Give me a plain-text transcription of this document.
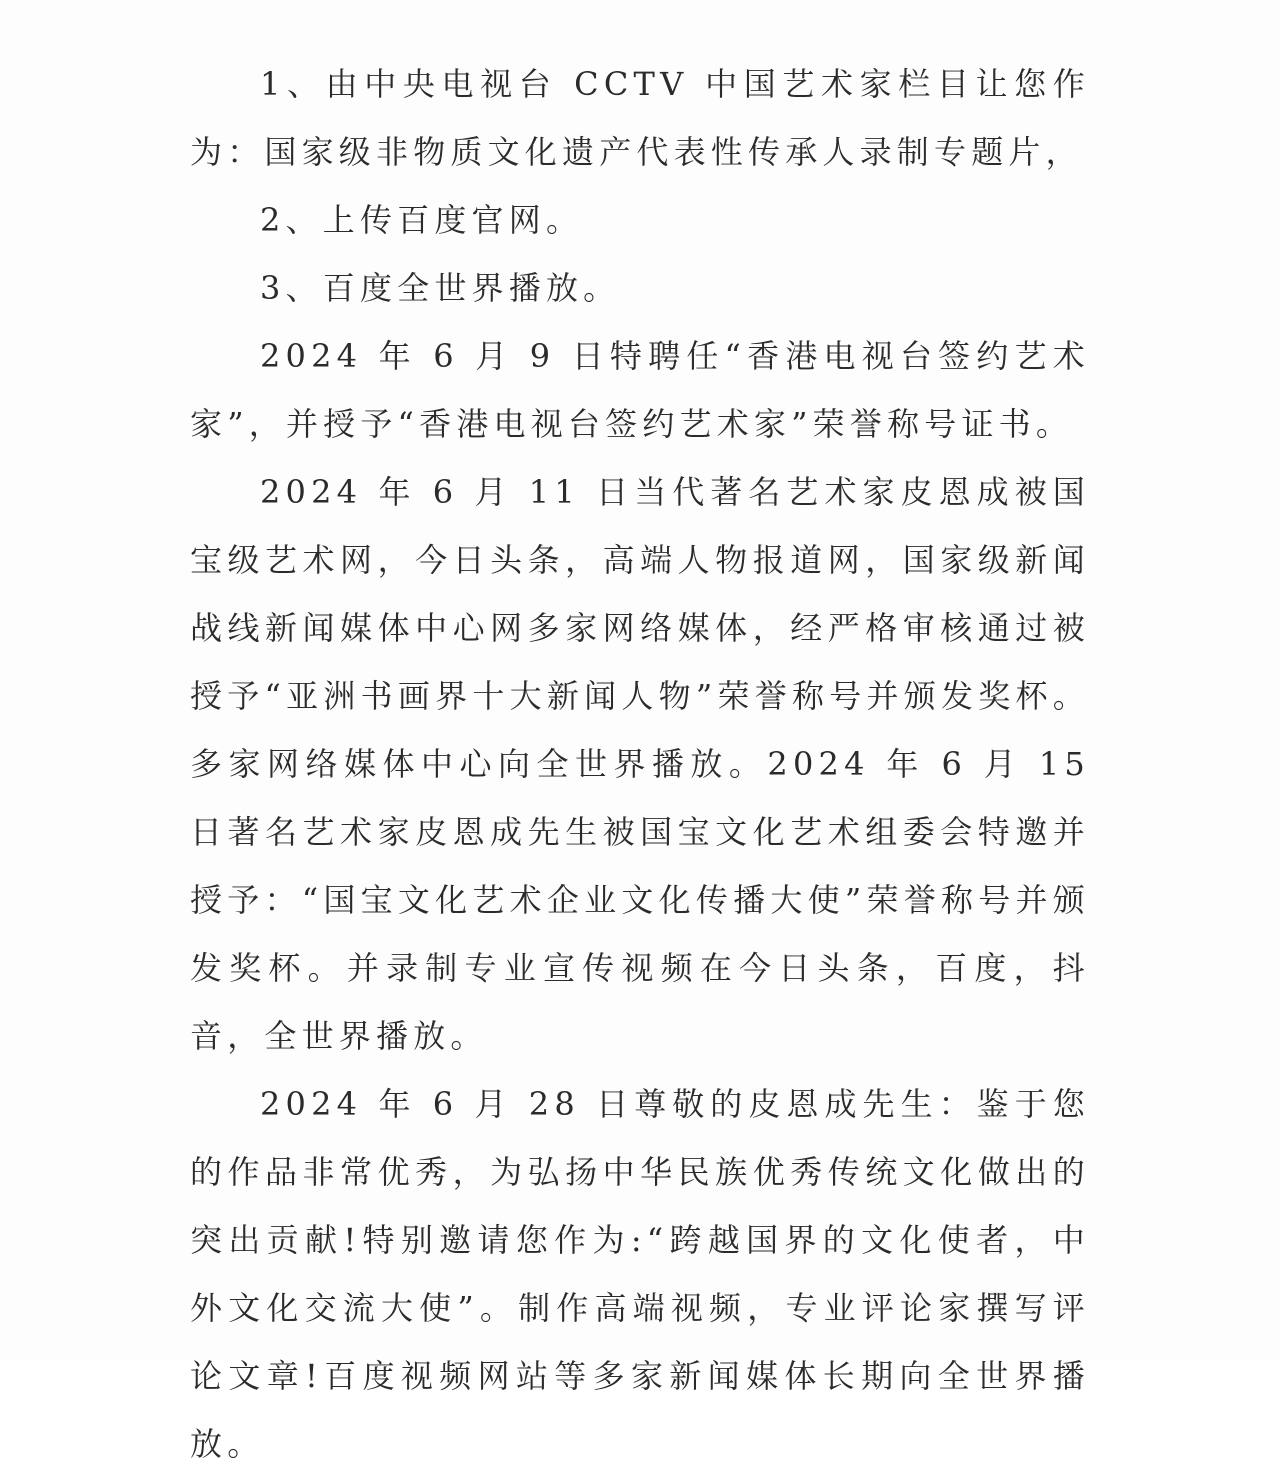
1、由中央电视台 CCTV 中国艺术家栏目让您作为：国家级非物质文化遗产代表性传承人录制专题片，

2、上传百度官网。

3、百度全世界播放。

2024 年 6 月 9 日特聘任“香港电视台签约艺术家”，并授予“香港电视台签约艺术家”荣誉称号证书。

2024 年 6 月 11 日当代著名艺术家皮恩成被国宝级艺术网，今日头条，高端人物报道网，国家级新闻战线新闻媒体中心网多家网络媒体，经严格审核通过被授予“亚洲书画界十大新闻人物”荣誉称号并颁发奖杯。多家网络媒体中心向全世界播放。2024 年 6 月 15 日著名艺术家皮恩成先生被国宝文化艺术组委会特邀并授予：“国宝文化艺术企业文化传播大使”荣誉称号并颁发奖杯。并录制专业宣传视频在今日头条，百度，抖音，全世界播放。

2024 年 6 月 28 日尊敬的皮恩成先生：鉴于您的作品非常优秀，为弘扬中华民族优秀传统文化做出的突出贡献!特别邀请您作为:“跨越国界的文化使者，中外文化交流大使”。制作高端视频，专业评论家撰写评论文章!百度视频网站等多家新闻媒体长期向全世界播放。
